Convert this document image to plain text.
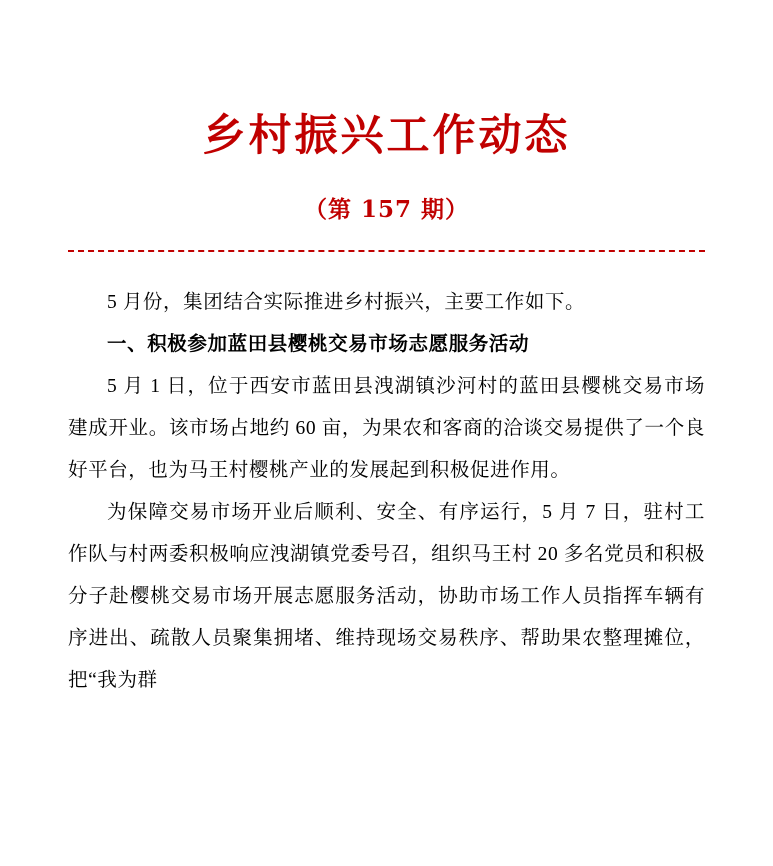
乡村振兴工作动态
（第 157 期）

5 月份，集团结合实际推进乡村振兴，主要工作如下。

一、积极参加蓝田县樱桃交易市场志愿服务活动

5 月 1 日，位于西安市蓝田县洩湖镇沙河村的蓝田县樱桃交易市场建成开业。该市场占地约 60 亩，为果农和客商的洽谈交易提供了一个良好平台，也为马王村樱桃产业的发展起到积极促进作用。

为保障交易市场开业后顺利、安全、有序运行，5 月 7 日，驻村工作队与村两委积极响应洩湖镇党委号召，组织马王村 20 多名党员和积极分子赴樱桃交易市场开展志愿服务活动，协助市场工作人员指挥车辆有序进出、疏散人员聚集拥堵、维持现场交易秩序、帮助果农整理摊位，把“我为群
